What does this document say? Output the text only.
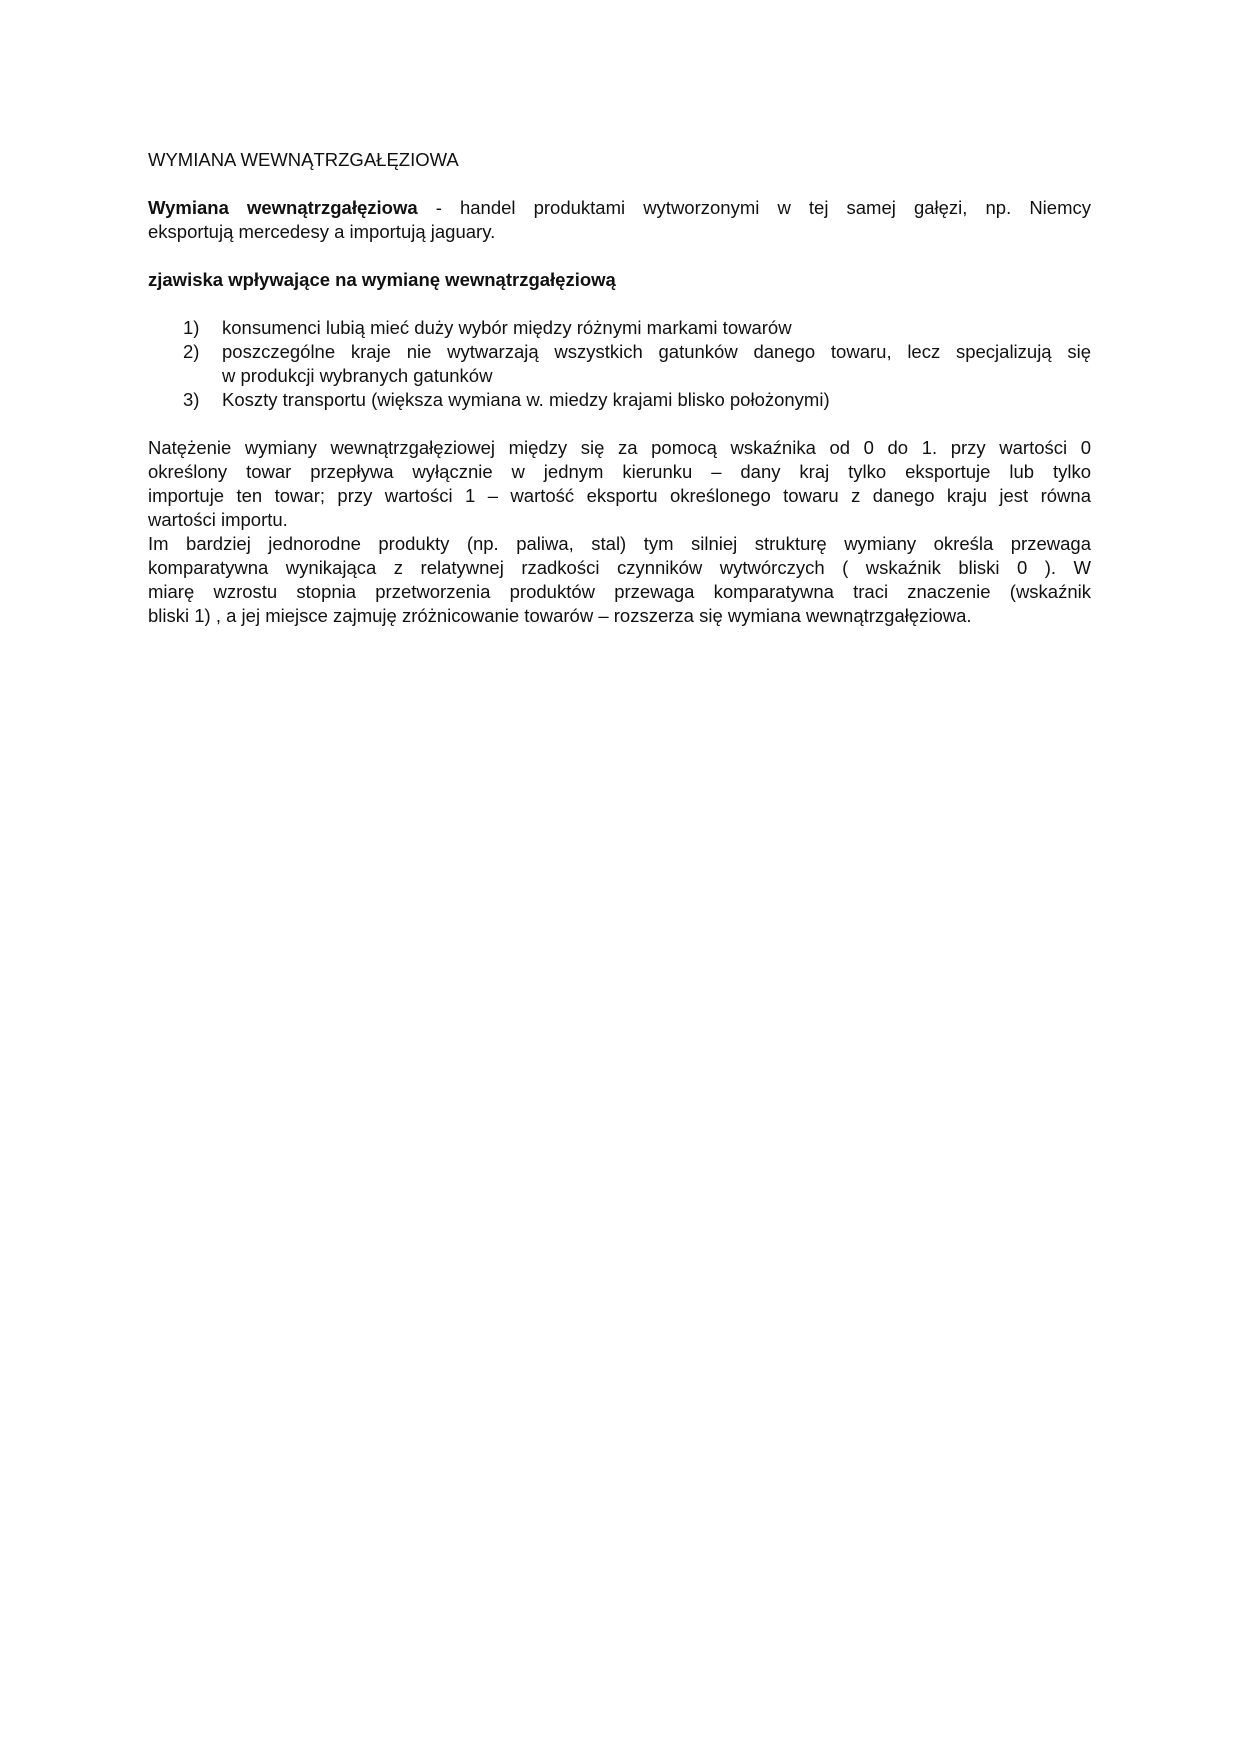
WYMIANA WEWNĄTRZGAŁĘZIOWA
Wymiana wewnątrzgałęziowa - handel produktami wytworzonymi w tej samej gałęzi, np. Niemcy
eksportują mercedesy a importują jaguary.
zjawiska wpływające na wymianę wewnątrzgałęziową
1)	konsumenci lubią mieć duży wybór między różnymi markami towarów
2)	poszczególne kraje nie wytwarzają wszystkich gatunków danego towaru, lecz specjalizują się
w produkcji wybranych gatunków
3)	Koszty transportu (większa wymiana w. miedzy krajami blisko położonymi)
Natężenie wymiany wewnątrzgałęziowej między się za pomocą wskaźnika od 0 do 1. przy wartości 0
określony towar przepływa wyłącznie w jednym kierunku – dany kraj tylko eksportuje lub tylko
importuje ten towar; przy wartości 1 – wartość eksportu określonego towaru z danego kraju jest równa
wartości importu.
Im bardziej jednorodne produkty (np. paliwa, stal) tym silniej strukturę wymiany określa przewaga
komparatywna wynikająca z relatywnej rzadkości czynników wytwórczych ( wskaźnik bliski 0 ). W
miarę wzrostu stopnia przetworzenia produktów przewaga komparatywna traci znaczenie (wskaźnik
bliski 1) , a jej miejsce zajmuję zróżnicowanie towarów – rozszerza się wymiana wewnątrzgałęziowa.
